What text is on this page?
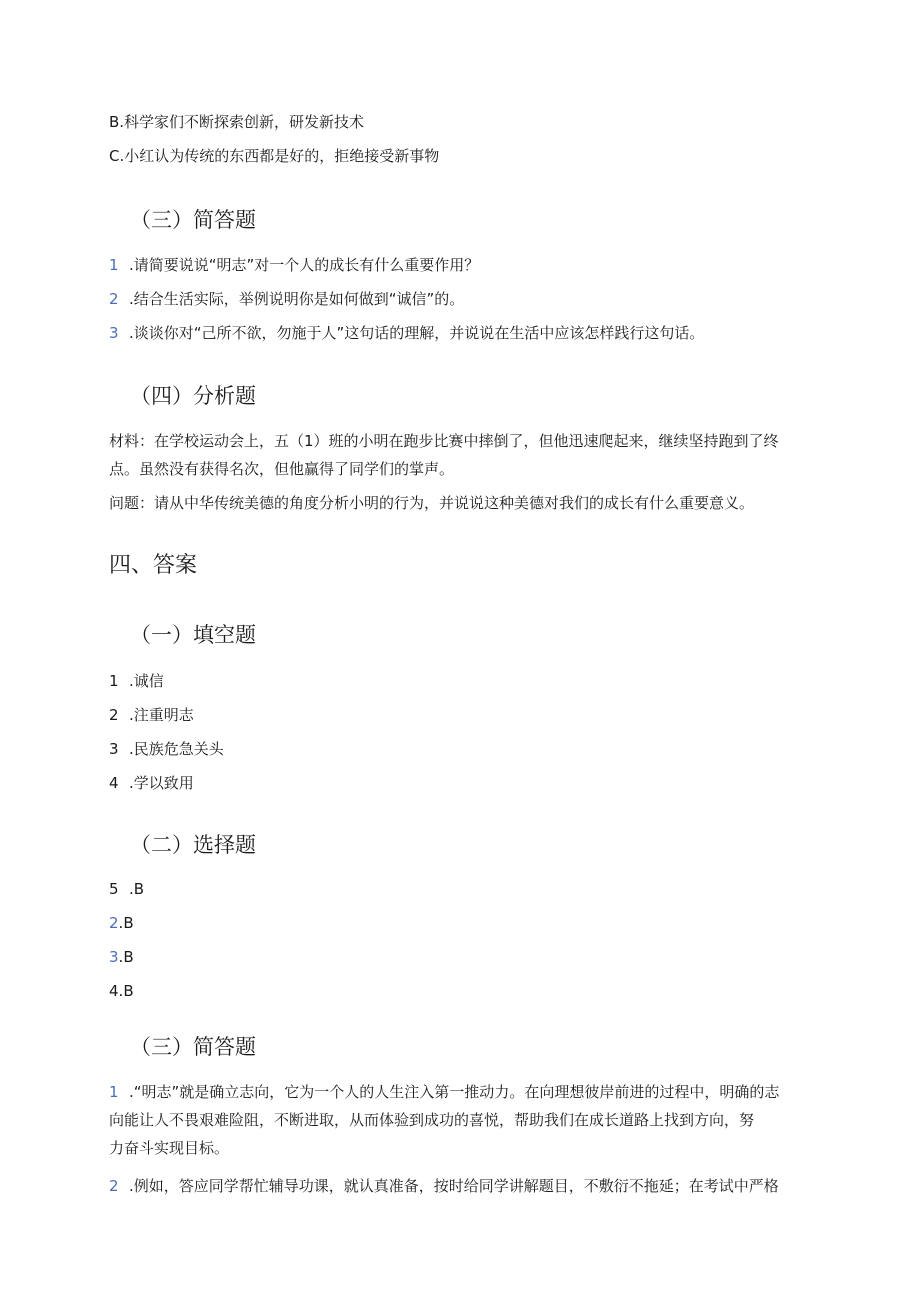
B.科学家们不断探索创新，研发新技术
C.小红认为传统的东西都是好的，拒绝接受新事物
（三）简答题
1 .请简要说说“明志”对一个人的成长有什么重要作用？
2 .结合生活实际，举例说明你是如何做到“诚信”的。
3 .谈谈你对“己所不欲，勿施于人”这句话的理解，并说说在生活中应该怎样践行这句话。
（四）分析题
材料：在学校运动会上，五（1）班的小明在跑步比赛中摔倒了，但他迅速爬起来，继续坚持跑到了终
点。虽然没有获得名次，但他赢得了同学们的掌声。
问题：请从中华传统美德的角度分析小明的行为，并说说这种美德对我们的成长有什么重要意义。
四、答案
（一）填空题
1 .诚信
2 .注重明志
3 .民族危急关头
4 .学以致用
（二）选择题
5 .B
2.B
3.B
4.B
（三）简答题
1 .“明志”就是确立志向，它为一个人的人生注入第一推动力。在向理想彼岸前进的过程中，明确的志
向能让人不畏艰难险阻，不断进取，从而体验到成功的喜悦，帮助我们在成长道路上找到方向，努
力奋斗实现目标。
2 .例如，答应同学帮忙辅导功课，就认真准备，按时给同学讲解题目，不敷衍不拖延；在考试中严格
